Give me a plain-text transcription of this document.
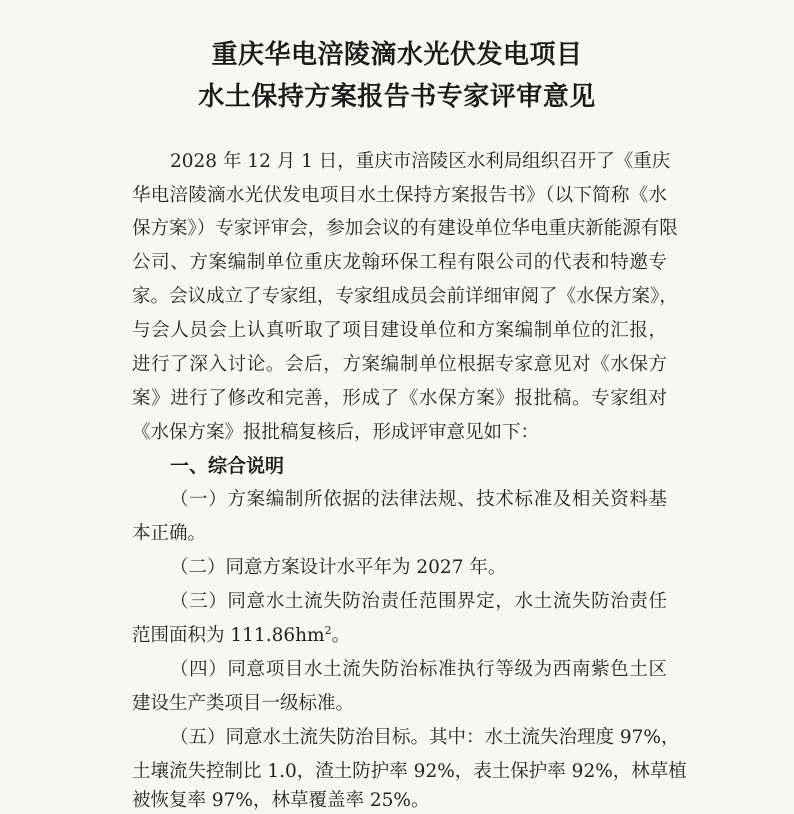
重庆华电涪陵滴水光伏发电项目
水土保持方案报告书专家评审意见
2028 年 12 月 1 日，重庆市涪陵区水利局组织召开了《重庆
华电涪陵滴水光伏发电项目水土保持方案报告书》（以下简称《水
保方案》）专家评审会，参加会议的有建设单位华电重庆新能源有限
公司、方案编制单位重庆龙翰环保工程有限公司的代表和特邀专
家。会议成立了专家组，专家组成员会前详细审阅了《水保方案》，
与会人员会上认真听取了项目建设单位和方案编制单位的汇报，
进行了深入讨论。会后，方案编制单位根据专家意见对《水保方
案》进行了修改和完善，形成了《水保方案》报批稿。专家组对
《水保方案》报批稿复核后，形成评审意见如下：
一、综合说明
（一）方案编制所依据的法律法规、技术标准及相关资料基
本正确。
（二）同意方案设计水平年为 2027 年。
（三）同意水土流失防治责任范围界定，水土流失防治责任
范围面积为 $111.86hm^2$。
（四）同意项目水土流失防治标准执行等级为西南紫色土区
建设生产类项目一级标准。
（五）同意水土流失防治目标。其中：水土流失治理度 97%，
土壤流失控制比 1.0，渣土防护率 92%，表土保护率 92%，林草植
被恢复率 97%，林草覆盖率 25%。
